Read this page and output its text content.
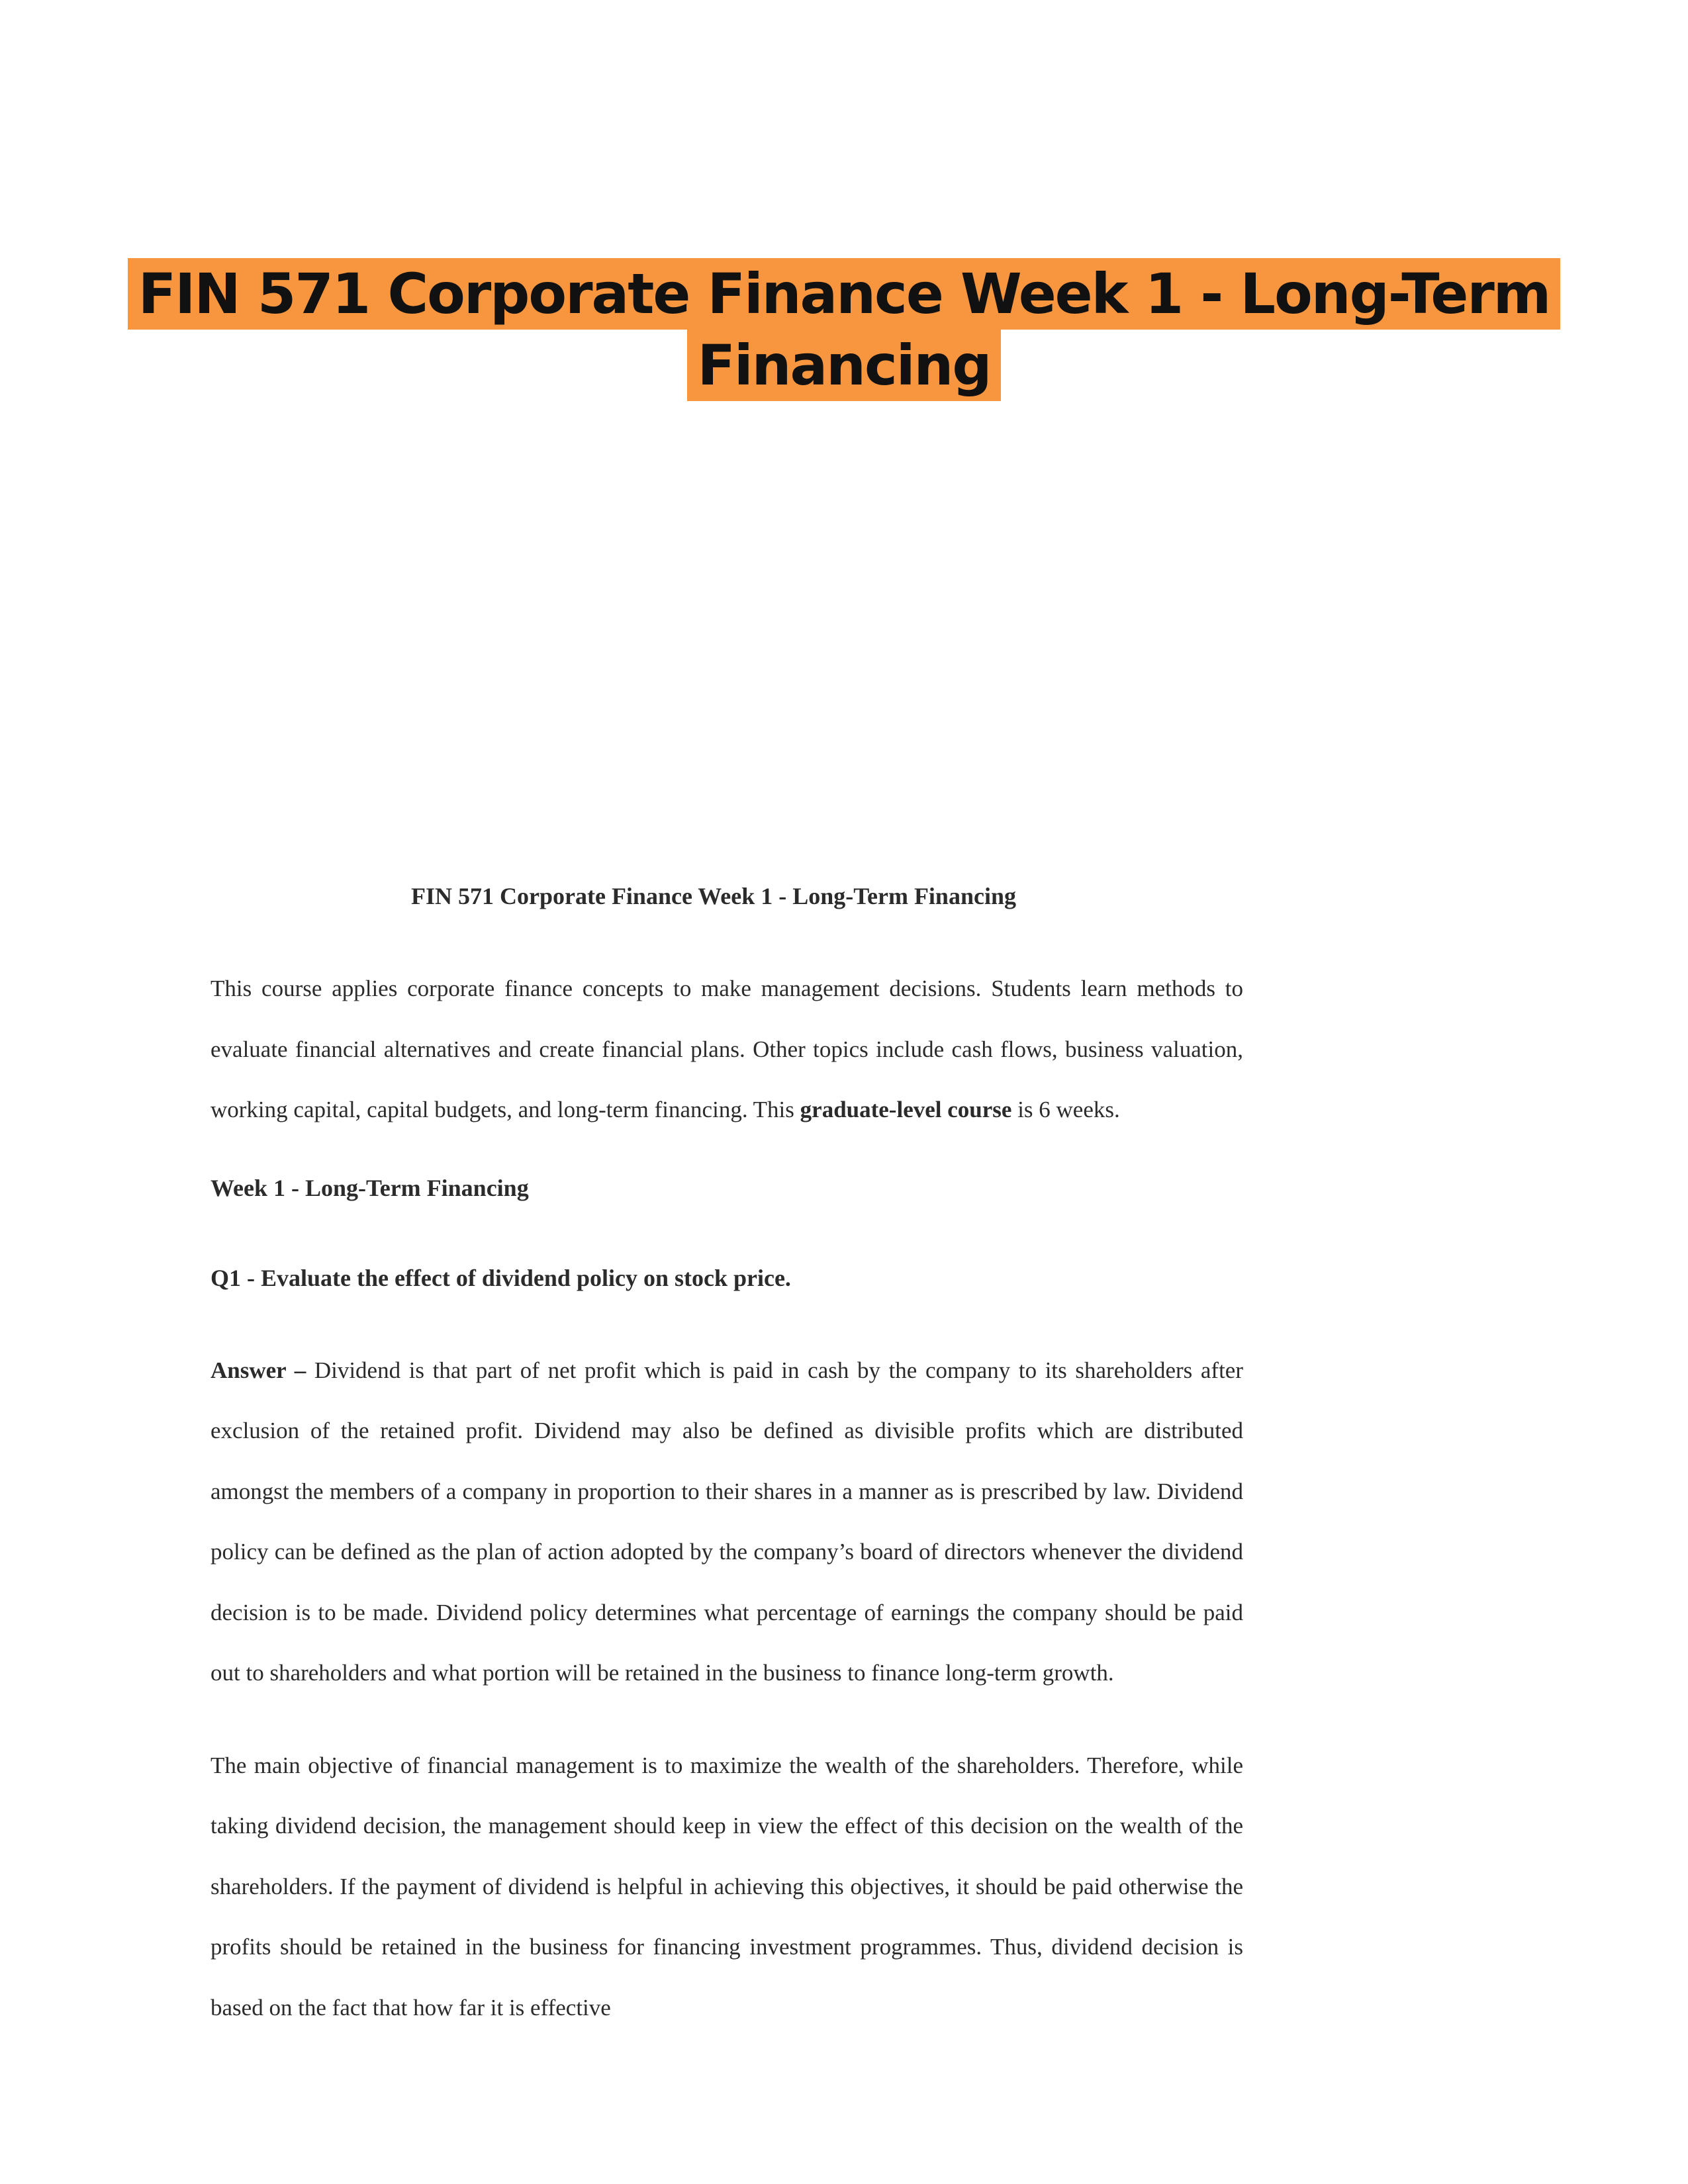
FIN 571 Corporate Finance Week 1 - Long-Term
Financing
FIN 571 Corporate Finance Week 1 - Long-Term Financing

This course applies corporate finance concepts to make management decisions. Students learn methods to evaluate financial alternatives and create financial plans. Other topics include cash flows, business valuation, working capital, capital budgets, and long-term financing. This graduate-level course is 6 weeks.

Week 1 - Long-Term Financing
Q1 - Evaluate the effect of dividend policy on stock price.

Answer – Dividend is that part of net profit which is paid in cash by the company to its shareholders after exclusion of the retained profit. Dividend may also be defined as divisible profits which are distributed amongst the members of a company in proportion to their shares in a manner as is prescribed by law. Dividend policy can be defined as the plan of action adopted by the company’s board of directors whenever the dividend decision is to be made. Dividend policy determines what percentage of earnings the company should be paid out to shareholders and what portion will be retained in the business to finance long-term growth.

The main objective of financial management is to maximize the wealth of the shareholders. Therefore, while taking dividend decision, the management should keep in view the effect of this decision on the wealth of the shareholders. If the payment of dividend is helpful in achieving this objectives, it should be paid otherwise the profits should be retained in the business for financing investment programmes. Thus, dividend decision is based on the fact that how far it is effective
